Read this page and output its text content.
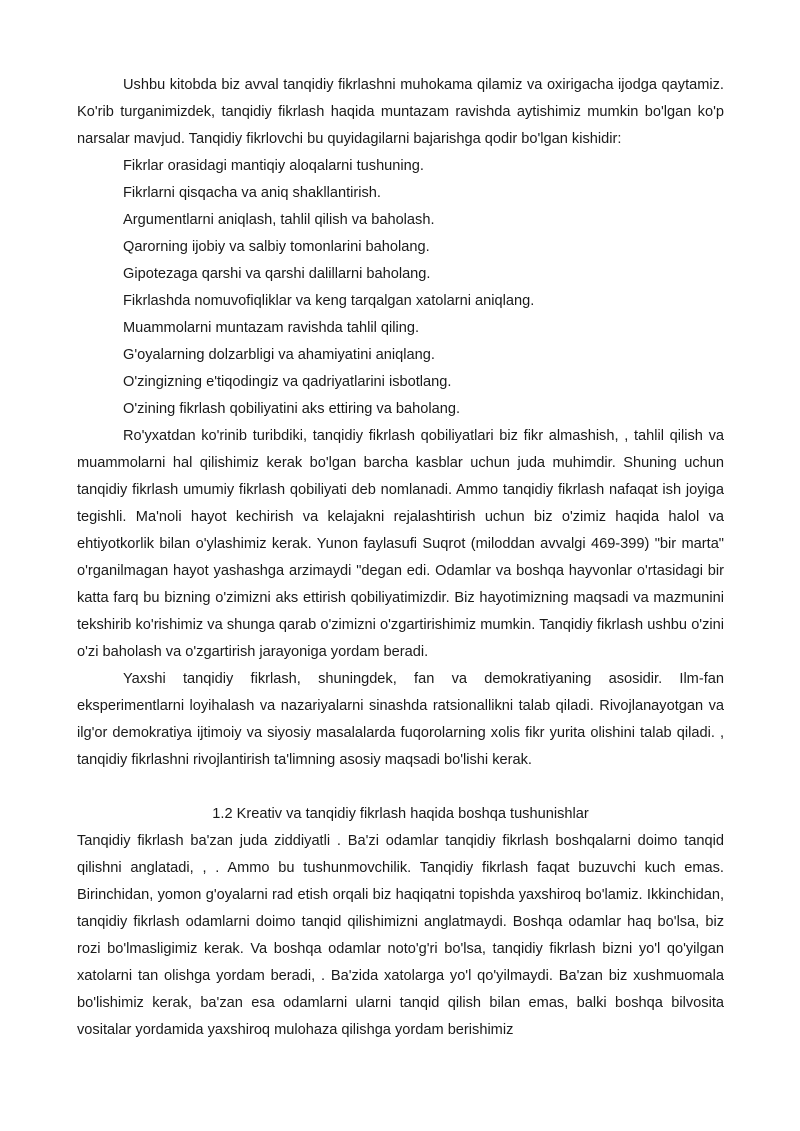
Ushbu kitobda biz avval tanqidiy fikrlashni muhokama qilamiz va oxirigacha ijodga qaytamiz. Ko'rib turganimizdek, tanqidiy fikrlash haqida muntazam ravishda aytishimiz mumkin bo'lgan ko'p narsalar mavjud. Tanqidiy fikrlovchi bu quyidagilarni bajarishga qodir bo'lgan kishidir:

Fikrlar orasidagi mantiqiy aloqalarni tushuning.
Fikrlarni qisqacha va aniq shakllantirish.
Argumentlarni aniqlash, tahlil qilish va baholash.
Qarorning ijobiy va salbiy tomonlarini baholang.
Gipotezaga qarshi va qarshi dalillarni baholang.
Fikrlashda nomuvofiqliklar va keng tarqalgan xatolarni aniqlang.
Muammolarni muntazam ravishda tahlil qiling.
G'oyalarning dolzarbligi va ahamiyatini aniqlang.
O'zingizning e'tiqodingiz va qadriyatlarini isbotlang.
O'zining fikrlash qobiliyatini aks ettiring va baholang.

Ro'yxatdan ko'rinib turibdiki, tanqidiy fikrlash qobiliyatlari biz fikr almashish, , tahlil qilish va muammolarni hal qilishimiz kerak bo'lgan barcha kasblar uchun juda muhimdir. Shuning uchun tanqidiy fikrlash umumiy fikrlash qobiliyati deb nomlanadi. Ammo tanqidiy fikrlash nafaqat ish joyiga tegishli. Ma'noli hayot kechirish va kelajakni rejalashtirish uchun biz o'zimiz haqida halol va ehtiyotkorlik bilan o'ylashimiz kerak. Yunon faylasufi Suqrot (miloddan avvalgi 469-399) "bir marta" o'rganilmagan hayot yashashga arzimaydi "degan edi. Odamlar va boshqa hayvonlar o'rtasidagi bir katta farq bu bizning o'zimizni aks ettirish qobiliyatimizdir. Biz hayotimizning maqsadi va mazmunini tekshirib ko'rishimiz va shunga qarab o'zimizni o'zgartirishimiz mumkin. Tanqidiy fikrlash ushbu o'zini o'zi baholash va o'zgartirish jarayoniga yordam beradi.

Yaxshi tanqidiy fikrlash, shuningdek, fan va demokratiyaning asosidir. Ilm-fan eksperimentlarni loyihalash va nazariyalarni sinashda ratsionallikni talab qiladi. Rivojlanayotgan va ilg'or demokratiya ijtimoiy va siyosiy masalalarda fuqorolarning xolis fikr yurita olishini talab qiladi. , tanqidiy fikrlashni rivojlantirish ta'limning asosiy maqsadi bo'lishi kerak.

1.2 Kreativ va tanqidiy fikrlash haqida boshqa tushunishlar

Tanqidiy fikrlash ba'zan juda ziddiyatli . Ba'zi odamlar tanqidiy fikrlash boshqalarni doimo tanqid qilishni anglatadi, , . Ammo bu tushunmovchilik. Tanqidiy fikrlash faqat buzuvchi kuch emas. Birinchidan, yomon g'oyalarni rad etish orqali biz haqiqatni topishda yaxshiroq bo'lamiz. Ikkinchidan, tanqidiy fikrlash odamlarni doimo tanqid qilishimizni anglatmaydi. Boshqa odamlar haq bo'lsa, biz rozi bo'lmasligimiz kerak. Va boshqa odamlar noto'g'ri bo'lsa, tanqidiy fikrlash bizni yo'l qo'yilgan xatolarni tan olishga yordam beradi, . Ba'zida xatolarga yo'l qo'yilmaydi. Ba'zan biz xushmuomala bo'lishimiz kerak, ba'zan esa odamlarni ularni tanqid qilish bilan emas, balki boshqa bilvosita vositalar yordamida yaxshiroq mulohaza qilishga yordam berishimiz
